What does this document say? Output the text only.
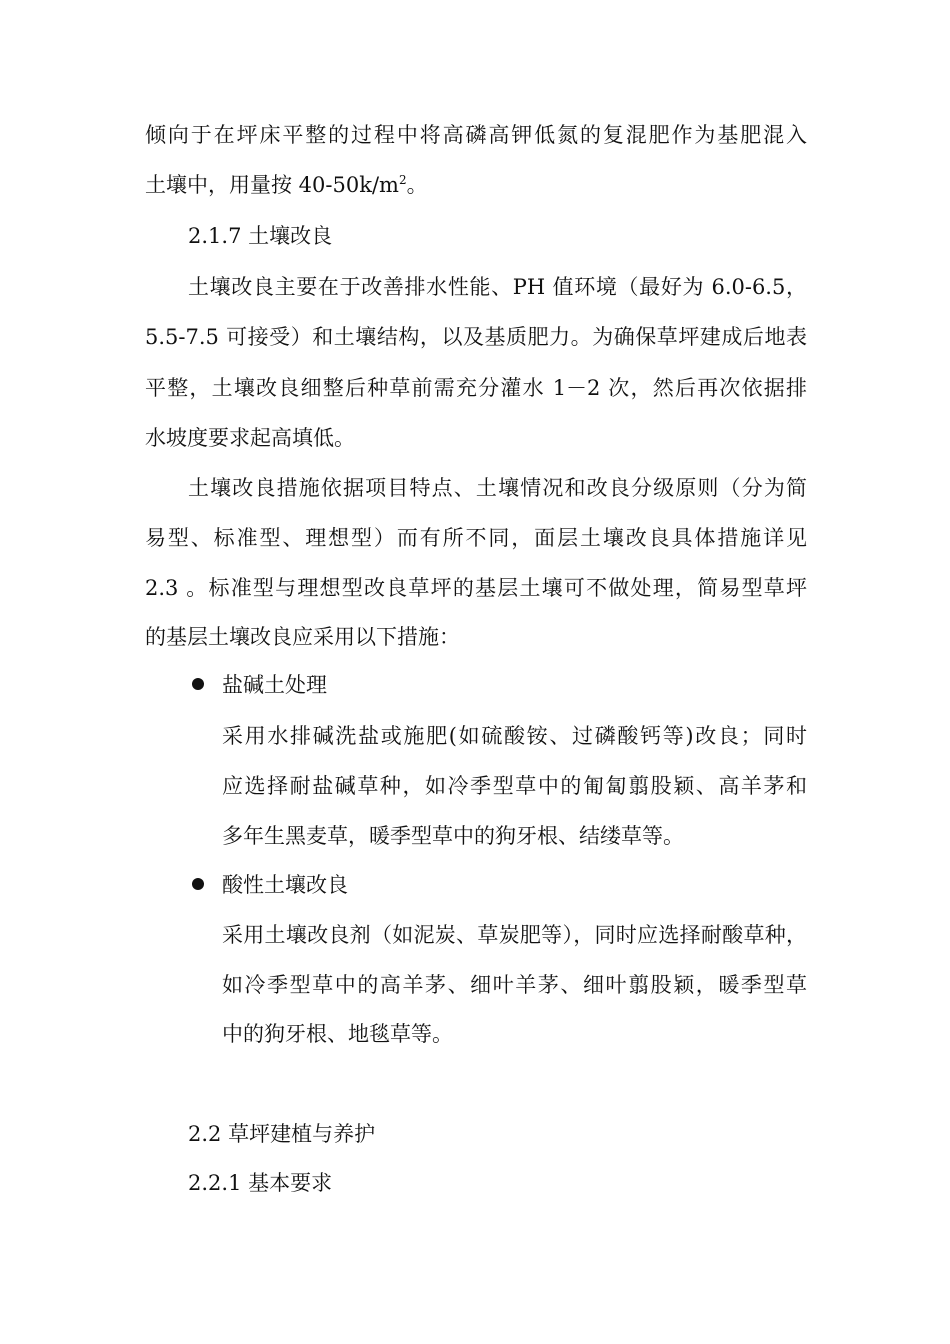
倾向于在坪床平整的过程中将高磷高钾低氮的复混肥作为基肥混入
土壤中，用量按 $40-50k/m^2$。
2.1.7 土壤改良
土壤改良主要在于改善排水性能、PH 值环境（最好为 6.0-6.5，
5.5-7.5 可接受）和土壤结构，以及基质肥力。为确保草坪建成后地表
平整，土壤改良细整后种草前需充分灌水 1－2 次，然后再次依据排
水坡度要求起高填低。
土壤改良措施依据项目特点、土壤情况和改良分级原则（分为简
易型、标准型、理想型）而有所不同，面层土壤改良具体措施详见
2.3 。标准型与理想型改良草坪的基层土壤可不做处理，简易型草坪
的基层土壤改良应采用以下措施：
盐碱土处理
采用水排碱洗盐或施肥(如硫酸铵、过磷酸钙等)改良；同时
应选择耐盐碱草种，如冷季型草中的匍匐翦股颖、高羊茅和
多年生黑麦草，暖季型草中的狗牙根、结缕草等。
酸性土壤改良
采用土壤改良剂（如泥炭、草炭肥等），同时应选择耐酸草种，
如冷季型草中的高羊茅、细叶羊茅、细叶翦股颖，暖季型草
中的狗牙根、地毯草等。
2.2 草坪建植与养护
2.2.1 基本要求
